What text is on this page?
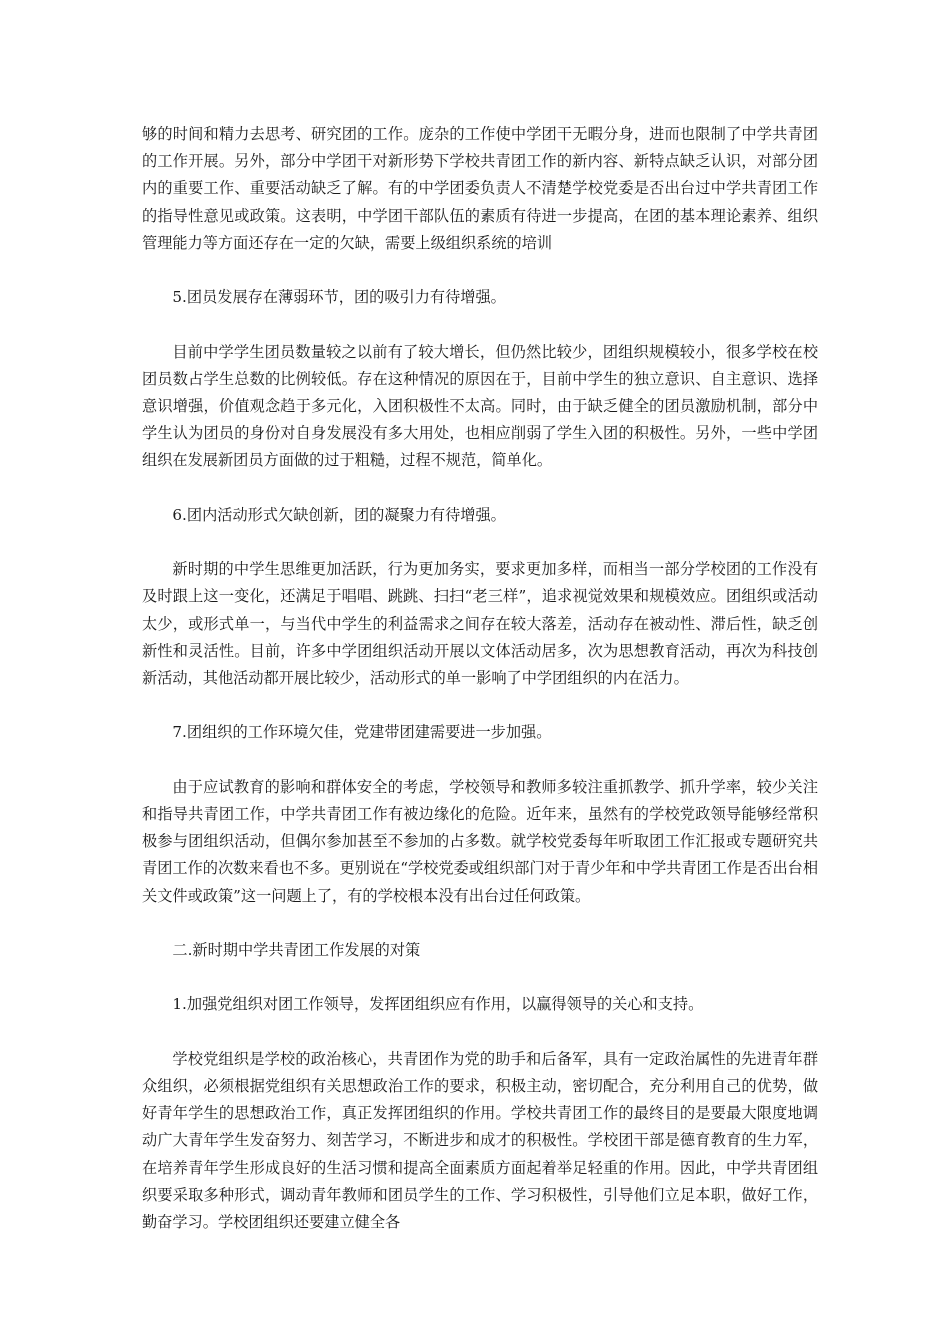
够的时间和精力去思考、研究团的工作。庞杂的工作使中学团干无暇分身，进而也限制了中学共青团的工作开展。另外，部分中学团干对新形势下学校共青团工作的新内容、新特点缺乏认识，对部分团内的重要工作、重要活动缺乏了解。有的中学团委负责人不清楚学校党委是否出台过中学共青团工作的指导性意见或政策。这表明，中学团干部队伍的素质有待进一步提高，在团的基本理论素养、组织管理能力等方面还存在一定的欠缺，需要上级组织系统的培训

5.团员发展存在薄弱环节，团的吸引力有待增强。

目前中学学生团员数量较之以前有了较大增长，但仍然比较少，团组织规模较小，很多学校在校团员数占学生总数的比例较低。存在这种情况的原因在于，目前中学生的独立意识、自主意识、选择意识增强，价值观念趋于多元化，入团积极性不太高。同时，由于缺乏健全的团员激励机制，部分中学生认为团员的身份对自身发展没有多大用处，也相应削弱了学生入团的积极性。另外，一些中学团组织在发展新团员方面做的过于粗糙，过程不规范，简单化。

6.团内活动形式欠缺创新，团的凝聚力有待增强。

新时期的中学生思维更加活跃，行为更加务实，要求更加多样，而相当一部分学校团的工作没有及时跟上这一变化，还满足于唱唱、跳跳、扫扫“老三样”，追求视觉效果和规模效应。团组织或活动太少，或形式单一，与当代中学生的利益需求之间存在较大落差，活动存在被动性、滞后性，缺乏创新性和灵活性。目前，许多中学团组织活动开展以文体活动居多，次为思想教育活动，再次为科技创新活动，其他活动都开展比较少，活动形式的单一影响了中学团组织的内在活力。

7.团组织的工作环境欠佳，党建带团建需要进一步加强。

由于应试教育的影响和群体安全的考虑，学校领导和教师多较注重抓教学、抓升学率，较少关注和指导共青团工作，中学共青团工作有被边缘化的危险。近年来，虽然有的学校党政领导能够经常积极参与团组织活动，但偶尔参加甚至不参加的占多数。就学校党委每年听取团工作汇报或专题研究共青团工作的次数来看也不多。更别说在“学校党委或组织部门对于青少年和中学共青团工作是否出台相关文件或政策”这一问题上了，有的学校根本没有出台过任何政策。

二.新时期中学共青团工作发展的对策

1.加强党组织对团工作领导，发挥团组织应有作用，以赢得领导的关心和支持。

学校党组织是学校的政治核心，共青团作为党的助手和后备军，具有一定政治属性的先进青年群众组织，必须根据党组织有关思想政治工作的要求，积极主动，密切配合，充分利用自己的优势，做好青年学生的思想政治工作，真正发挥团组织的作用。学校共青团工作的最终目的是要最大限度地调动广大青年学生发奋努力、刻苦学习，不断进步和成才的积极性。学校团干部是德育教育的生力军，在培养青年学生形成良好的生活习惯和提高全面素质方面起着举足轻重的作用。因此，中学共青团组织要采取多种形式，调动青年教师和团员学生的工作、学习积极性，引导他们立足本职，做好工作，勤奋学习。学校团组织还要建立健全各
